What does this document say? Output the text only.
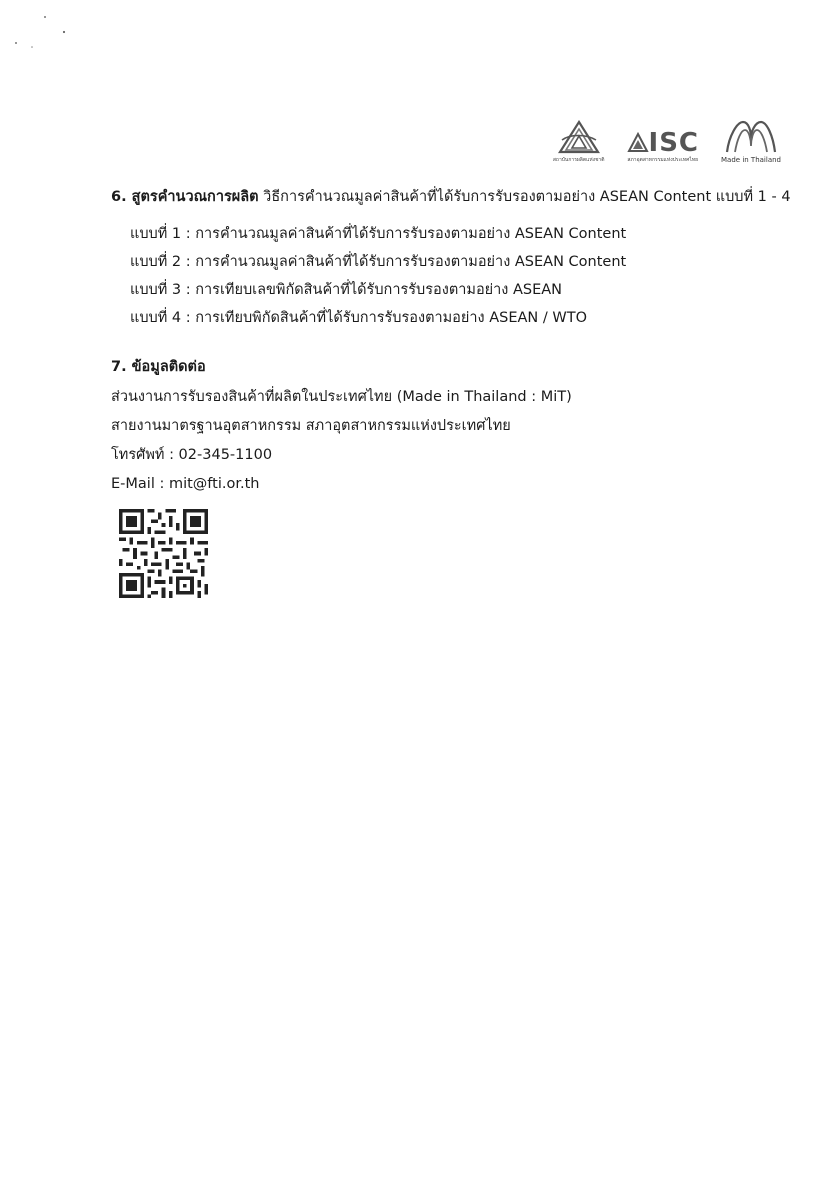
สถาบันการผลิตแห่งชาติ
ISC
สภาอุตสาหกรรมแห่งประเทศไทย	Made in Thailand

6. สูตรคำนวณการผลิต วิธีการคำนวณมูลค่าสินค้าที่ได้รับการรับรองตามอย่าง ASEAN Content แบบที่ 1 - 4

แบบที่ 1 : การคำนวณมูลค่าสินค้าที่ได้รับการรับรองตามอย่าง ASEAN Content
แบบที่ 2 : การคำนวณมูลค่าสินค้าที่ได้รับการรับรองตามอย่าง ASEAN Content
แบบที่ 3 : การเทียบเลขพิกัดสินค้าที่ได้รับการรับรองตามอย่าง ASEAN
แบบที่ 4 : การเทียบพิกัดสินค้าที่ได้รับการรับรองตามอย่าง ASEAN / WTO

7. ข้อมูลติดต่อ

ส่วนงานการรับรองสินค้าที่ผลิตในประเทศไทย (Made in Thailand : MiT)
สายงานมาตรฐานอุตสาหกรรม สภาอุตสาหกรรมแห่งประเทศไทย
โทรศัพท์ : 02-345-1100
E-Mail : mit@fti.or.th
